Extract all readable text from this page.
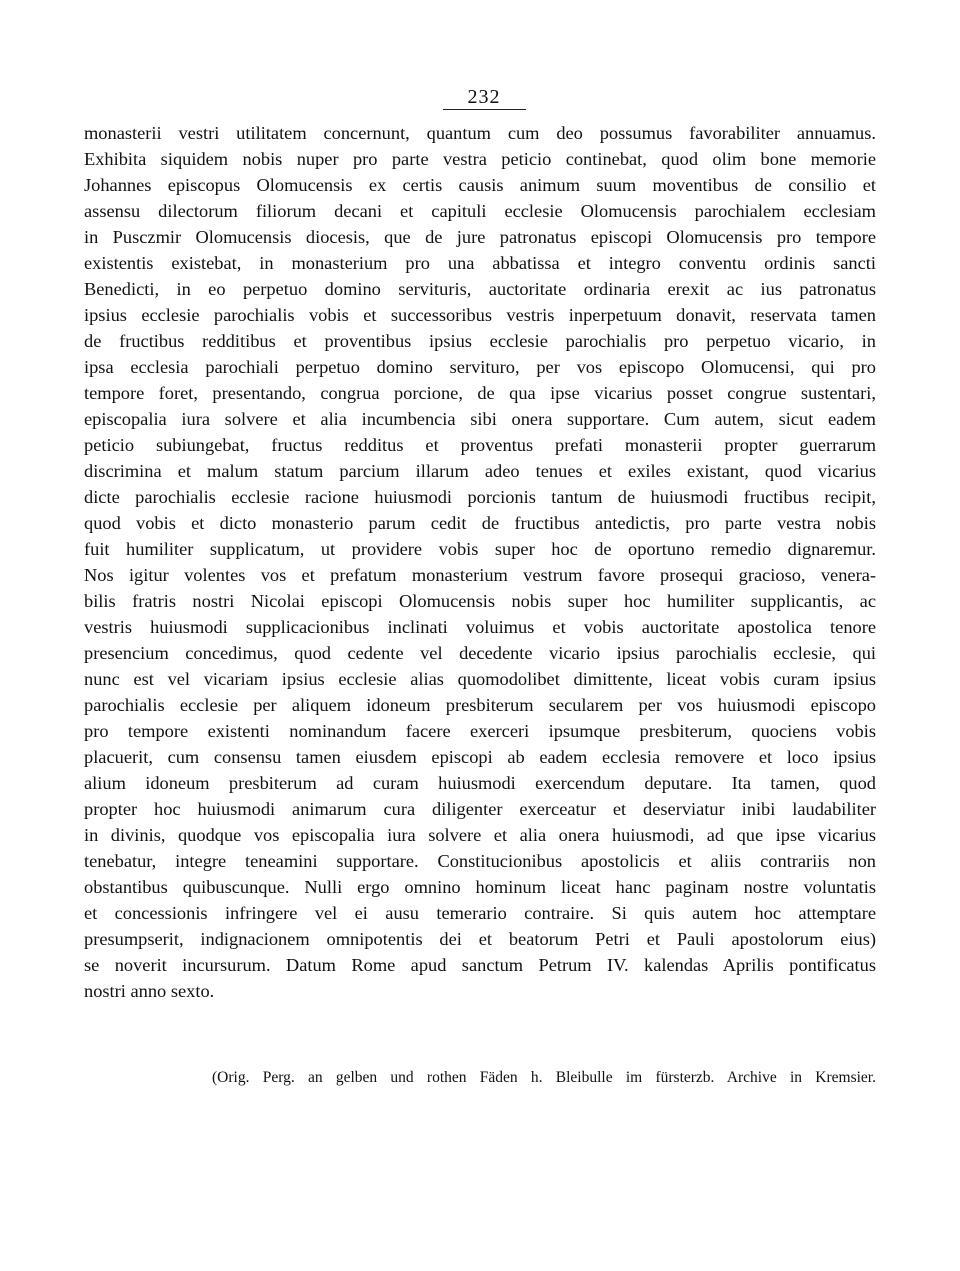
232
monasterii vestri utilitatem concernunt, quantum cum deo possumus favorabiliter annuamus.
Exhibita siquidem nobis nuper pro parte vestra peticio continebat, quod olim bone memorie
Johannes episcopus Olomucensis ex certis causis animum suum moventibus de consilio et
assensu dilectorum filiorum decani et capituli ecclesie Olomucensis parochialem ecclesiam
in Pusczmir Olomucensis diocesis, que de jure patronatus episcopi Olomucensis pro tempore
existentis existebat, in monasterium pro una abbatissa et integro conventu ordinis sancti
Benedicti, in eo perpetuo domino servituris, auctoritate ordinaria erexit ac ius patronatus
ipsius ecclesie parochialis vobis et successoribus vestris inperpetuum donavit, reservata tamen
de fructibus redditibus et proventibus ipsius ecclesie parochialis pro perpetuo vicario, in
ipsa ecclesia parochiali perpetuo domino servituro, per vos episcopo Olomucensi, qui pro
tempore foret, presentando, congrua porcione, de qua ipse vicarius posset congrue sustentari,
episcopalia iura solvere et alia incumbencia sibi onera supportare. Cum autem, sicut eadem
peticio subiungebat, fructus redditus et proventus prefati monasterii propter guerrarum
discrimina et malum statum parcium illarum adeo tenues et exiles existant, quod vicarius
dicte parochialis ecclesie racione huiusmodi porcionis tantum de huiusmodi fructibus recipit,
quod vobis et dicto monasterio parum cedit de fructibus antedictis, pro parte vestra nobis
fuit humiliter supplicatum, ut providere vobis super hoc de oportuno remedio dignaremur.
Nos igitur volentes vos et prefatum monasterium vestrum favore prosequi gracioso, venera-
bilis fratris nostri Nicolai episcopi Olomucensis nobis super hoc humiliter supplicantis, ac
vestris huiusmodi supplicacionibus inclinati voluimus et vobis auctoritate apostolica tenore
presencium concedimus, quod cedente vel decedente vicario ipsius parochialis ecclesie, qui
nunc est vel vicariam ipsius ecclesie alias quomodolibet dimittente, liceat vobis curam ipsius
parochialis ecclesie per aliquem idoneum presbiterum secularem per vos huiusmodi episcopo
pro tempore existenti nominandum facere exerceri ipsumque presbiterum, quociens vobis
placuerit, cum consensu tamen eiusdem episcopi ab eadem ecclesia removere et loco ipsius
alium idoneum presbiterum ad curam huiusmodi exercendum deputare. Ita tamen, quod
propter hoc huiusmodi animarum cura diligenter exerceatur et deserviatur inibi laudabiliter
in divinis, quodque vos episcopalia iura solvere et alia onera huiusmodi, ad que ipse vicarius
tenebatur, integre teneamini supportare. Constitucionibus apostolicis et aliis contrariis non
obstantibus quibuscunque. Nulli ergo omnino hominum liceat hanc paginam nostre voluntatis
et concessionis infringere vel ei ausu temerario contraire. Si quis autem hoc attemptare
presumpserit, indignacionem omnipotentis dei et beatorum Petri et Pauli apostolorum eius)
se noverit incursurum. Datum Rome apud sanctum Petrum IV. kalendas Aprilis pontificatus
nostri anno sexto.
(Orig. Perg. an gelben und rothen Fäden h. Bleibulle im fürsterzb. Archive in Kremsier.
